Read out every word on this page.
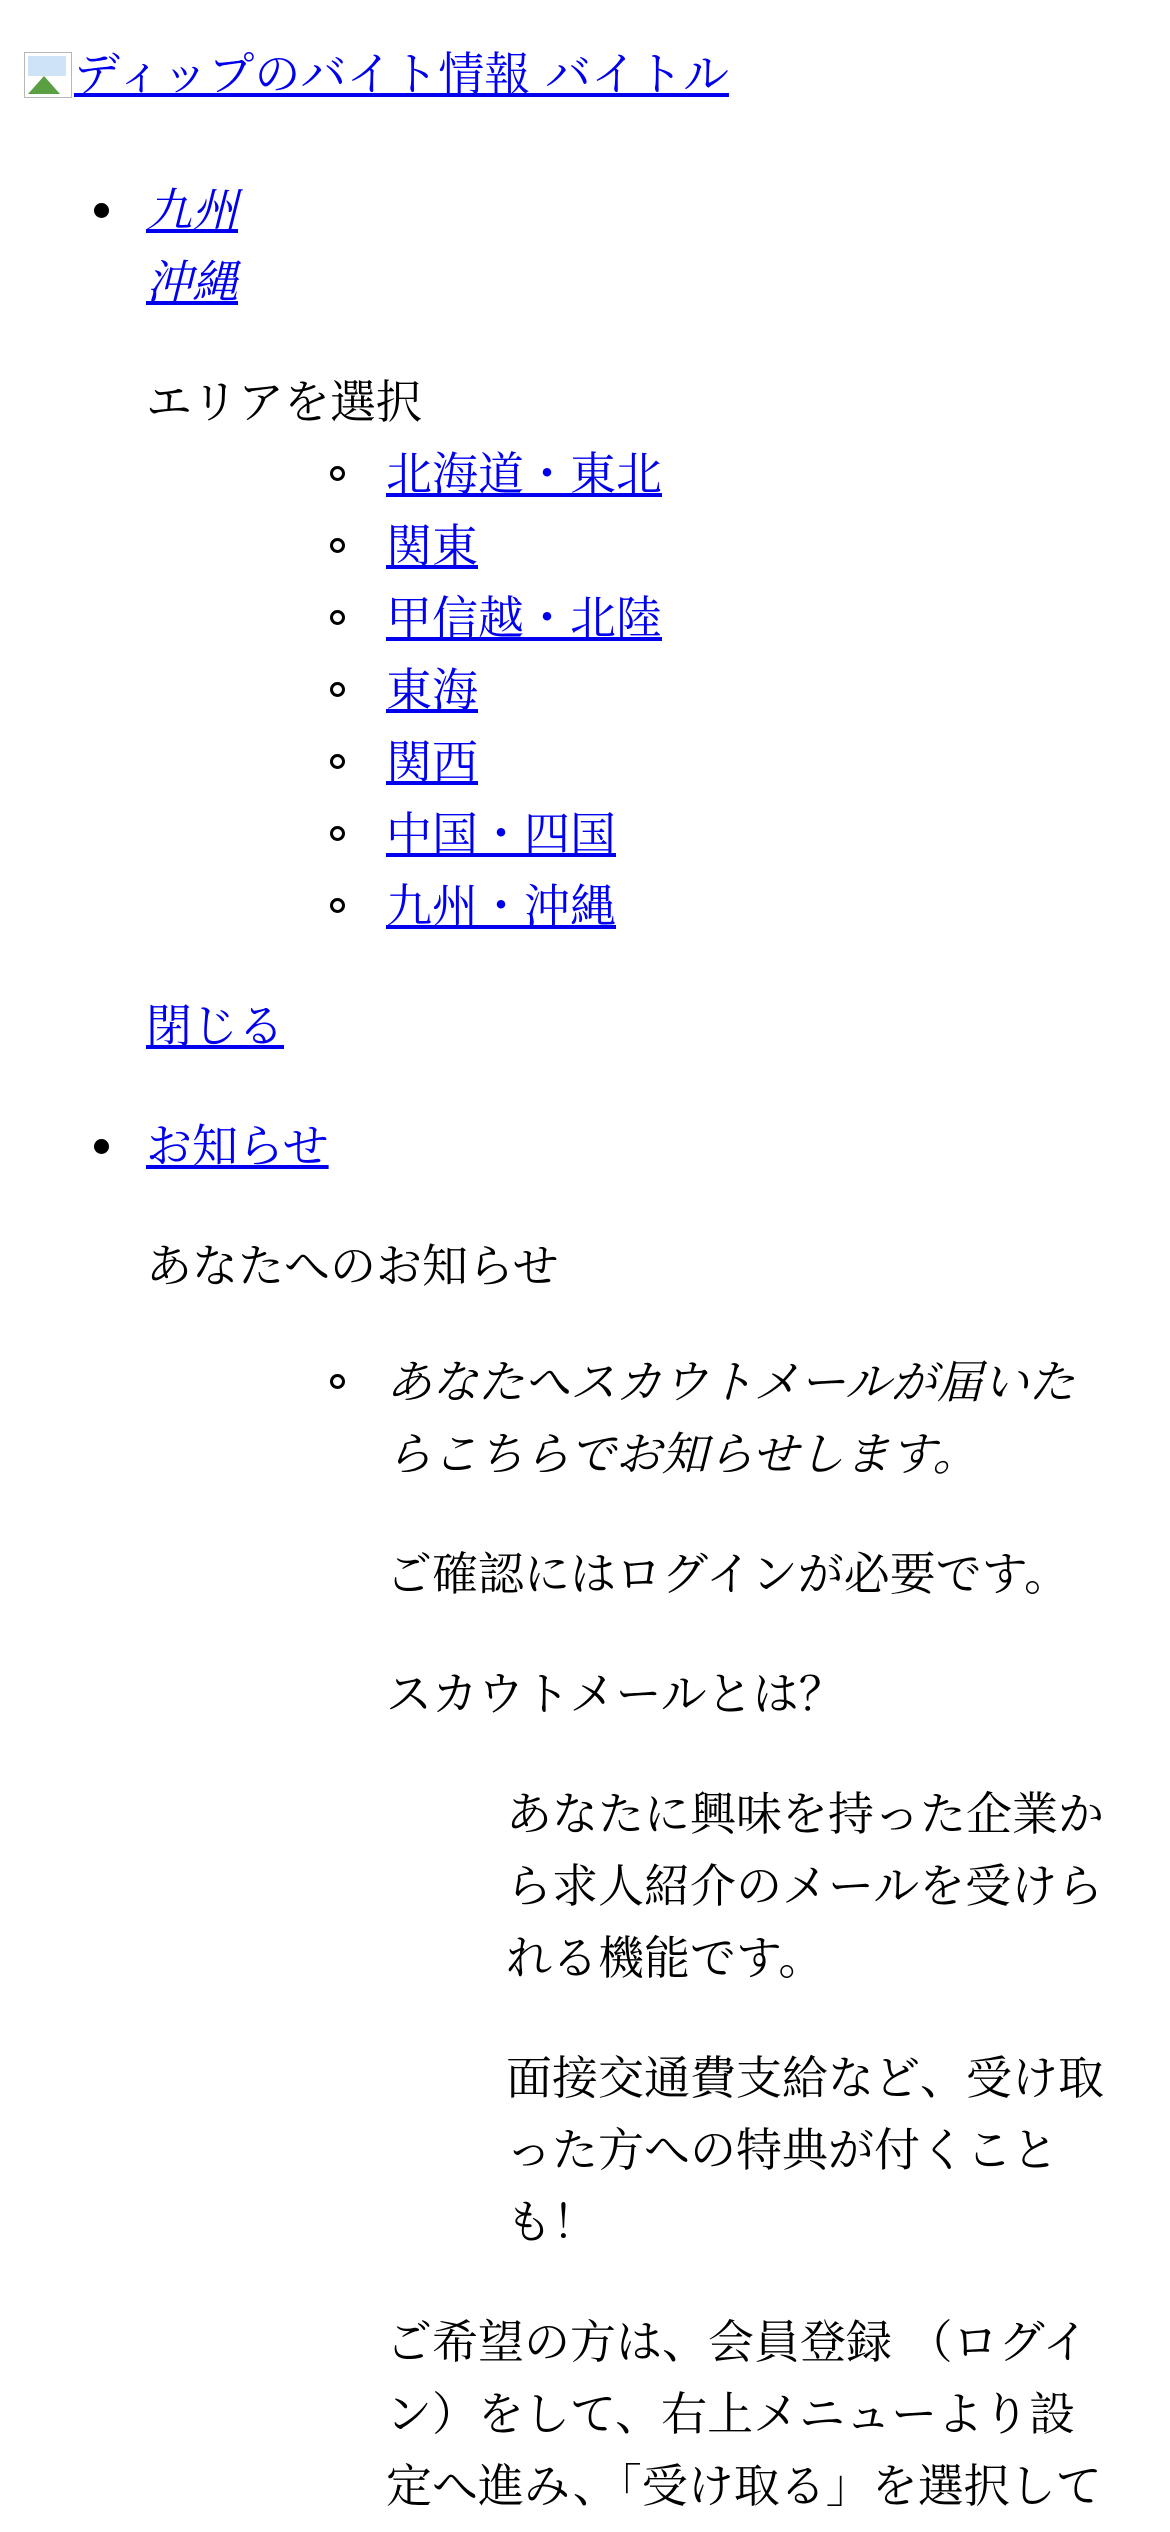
ディップのバイト情報 バイトル
九州
沖縄
エリアを選択
北海道・東北
関東
甲信越・北陸
東海
関西
中国・四国
九州・沖縄
閉じる
お知らせ
あなたへのお知らせ
あなたへスカウトメールが届いた
らこちらでお知らせします。
ご確認にはログインが必要です。
スカウトメールとは？
あなたに興味を持った企業か
ら求人紹介のメールを受けら
れる機能です。
面接交通費支給など、受け取
った方への特典が付くこと
も！
ご希望の方は、会員登録 （ログイ
ン）をして、右上メニューより設
定へ進み、「受け取る」を選択して
